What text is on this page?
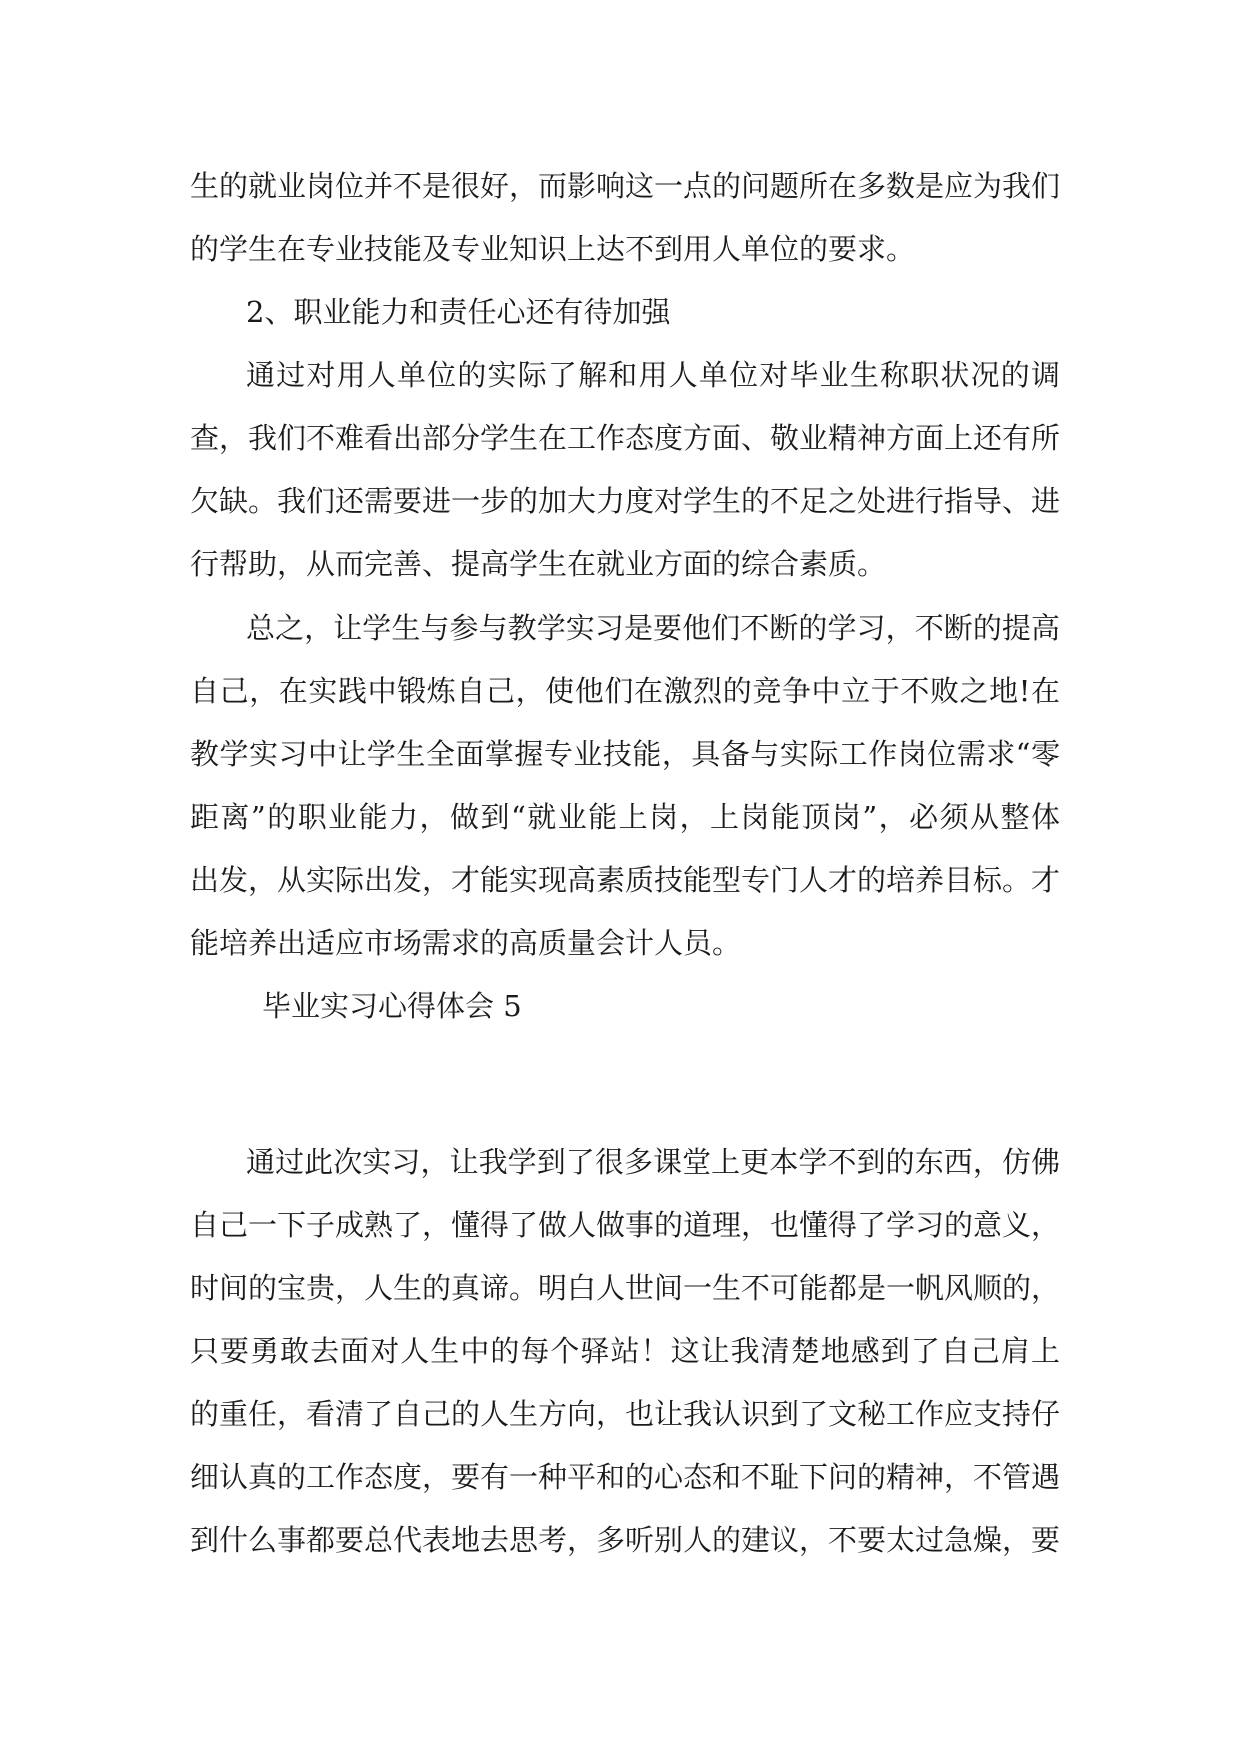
生的就业岗位并不是很好，而影响这一点的问题所在多数是应为我们
的学生在专业技能及专业知识上达不到用人单位的要求。
2、职业能力和责任心还有待加强
通过对用人单位的实际了解和用人单位对毕业生称职状况的调
查，我们不难看出部分学生在工作态度方面、敬业精神方面上还有所
欠缺。我们还需要进一步的加大力度对学生的不足之处进行指导、进
行帮助，从而完善、提高学生在就业方面的综合素质。
总之，让学生与参与教学实习是要他们不断的学习，不断的提高
自己，在实践中锻炼自己，使他们在激烈的竞争中立于不败之地!在
教学实习中让学生全面掌握专业技能，具备与实际工作岗位需求“零
距离”的职业能力，做到“就业能上岗，上岗能顶岗”，必须从整体
出发，从实际出发，才能实现高素质技能型专门人才的培养目标。才
能培养出适应市场需求的高质量会计人员。
毕业实习心得体会 5
通过此次实习，让我学到了很多课堂上更本学不到的东西，仿佛
自己一下子成熟了，懂得了做人做事的道理，也懂得了学习的意义，
时间的宝贵，人生的真谛。明白人世间一生不可能都是一帆风顺的，
只要勇敢去面对人生中的每个驿站！这让我清楚地感到了自己肩上
的重任，看清了自己的人生方向，也让我认识到了文秘工作应支持仔
细认真的工作态度，要有一种平和的心态和不耻下问的精神，不管遇
到什么事都要总代表地去思考，多听别人的建议，不要太过急燥，要
